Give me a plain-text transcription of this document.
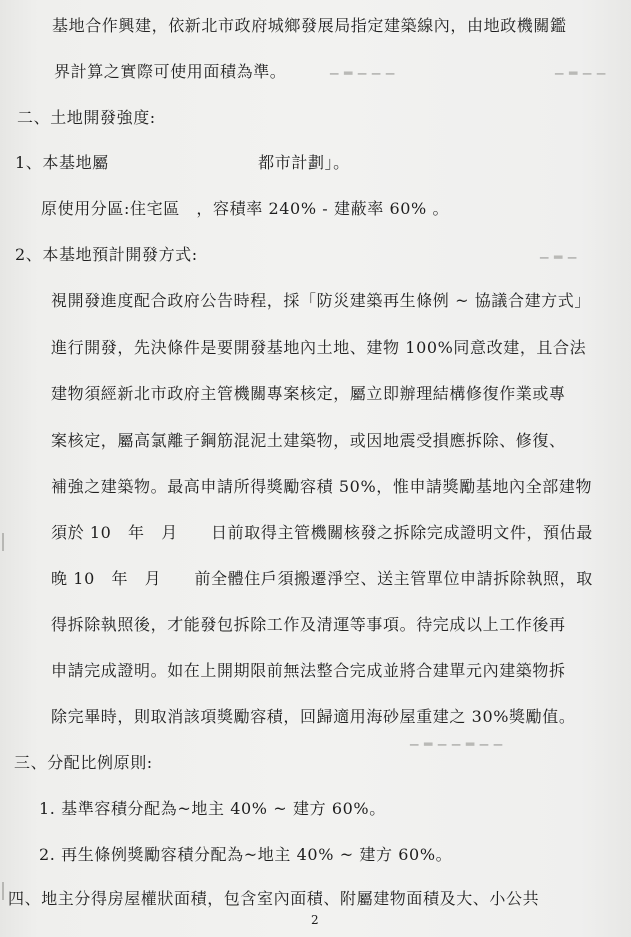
▁ ▂ ▁ ▁
▁ ▂ ▁ ▁ ▁
▁ ▂ ▁
▁ ▂ ▁ ▁ ▂ ▁ ▁
基地合作興建，依新北市政府城鄉發展局指定建築線內，由地政機關鑑
界計算之實際可使用面積為準。
二、土地開發強度:
1、本基地屬　　　　　　　　　都市計劃」。
原使用分區:住宅區　，容積率 240% - 建蔽率 60% 。
2、本基地預計開發方式:
視開發進度配合政府公告時程，採「防災建築再生條例 ~ 協議合建方式」
進行開發，先決條件是要開發基地內土地、建物 100%同意改建，且合法
建物須經新北市政府主管機關專案核定，屬立即辦理結構修復作業或專
案核定，屬高氯離子鋼筋混泥土建築物，或因地震受損應拆除、修復、
補強之建築物。最高申請所得獎勵容積 50%，惟申請獎勵基地內全部建物
須於 10　年　月　　日前取得主管機關核發之拆除完成證明文件，預估最
晚 10　年　月　　前全體住戶須搬遷淨空、送主管單位申請拆除執照，取
得拆除執照後，才能發包拆除工作及清運等事項。待完成以上工作後再
申請完成證明。如在上開期限前無法整合完成並將合建單元內建築物拆
除完畢時，則取消該項獎勵容積，回歸適用海砂屋重建之 30%獎勵值。
三、分配比例原則:
1. 基準容積分配為~地主 40% ~ 建方 60%。
2. 再生條例獎勵容積分配為~地主 40% ~ 建方 60%。
四、地主分得房屋權狀面積，包含室內面積、附屬建物面積及大、小公共
2
